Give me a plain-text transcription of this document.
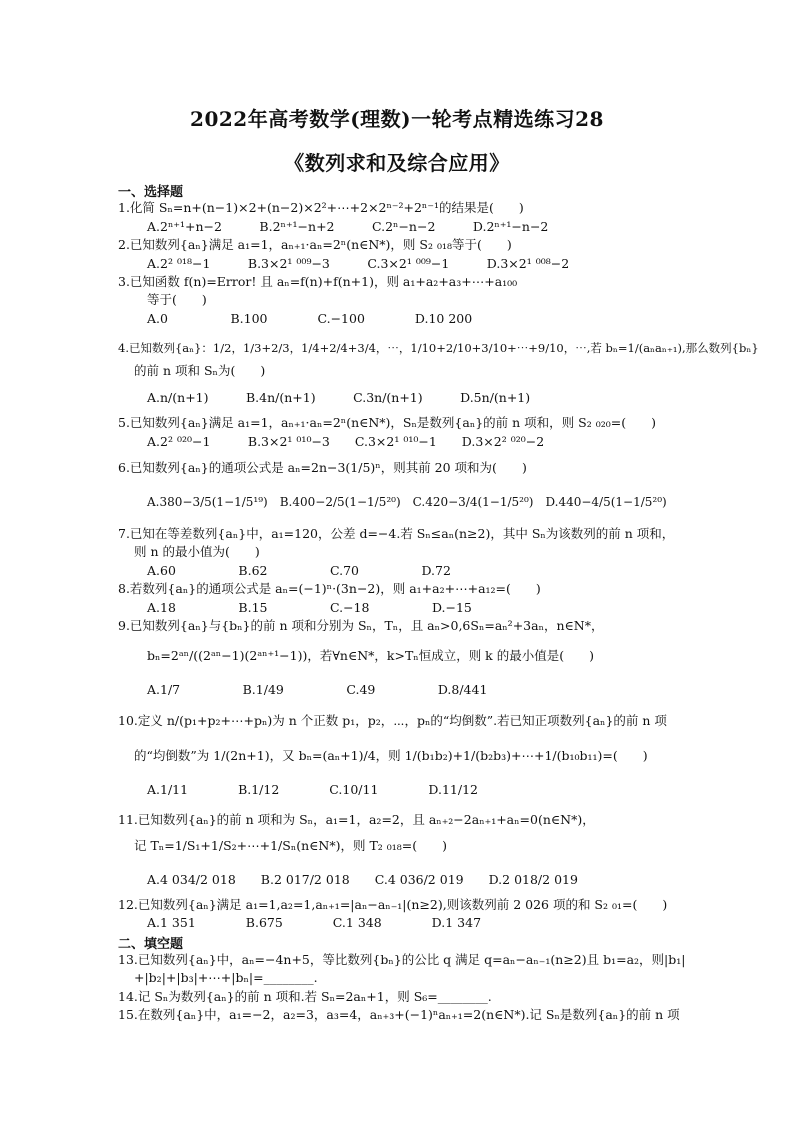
2022年高考数学(理数)一轮考点精选练习28
《数列求和及综合应用》
一、选择题
1.化简 Sₙ=n+(n−1)×2+(n−2)×2²+⋯+2×2ⁿ⁻²+2ⁿ⁻¹的结果是(　　)
A.2ⁿ⁺¹+n−2　　　B.2ⁿ⁺¹−n+2　　　C.2ⁿ−n−2　　　D.2ⁿ⁺¹−n−2
2.已知数列{aₙ}满足 a₁=1，aₙ₊₁·aₙ=2ⁿ(n∈N*)，则 S₂ ₀₁₈等于(　　)
A.2² ⁰¹⁸−1　　　B.3×2¹ ⁰⁰⁹−3　　　C.3×2¹ ⁰⁰⁹−1　　　D.3×2¹ ⁰⁰⁸−2
3.已知函数 f(n)=Error! 且 aₙ=f(n)+f(n+1)，则 a₁+a₂+a₃+⋯+a₁₀₀
等于(　　)
A.0　　　　　B.100　　　　C.−100　　　　D.10 200
4.已知数列{aₙ}：1/2，1/3+2/3，1/4+2/4+3/4，⋯，1/10+2/10+3/10+⋯+9/10，⋯,若 bₙ=1/(aₙaₙ₊₁),那么数列{bₙ}
的前 n 项和 Sₙ为(　　)
A.n/(n+1)　　　B.4n/(n+1)　　　C.3n/(n+1)　　　D.5n/(n+1)
5.已知数列{aₙ}满足 a₁=1，aₙ₊₁·aₙ=2ⁿ(n∈N*)，Sₙ是数列{aₙ}的前 n 项和，则 S₂ ₀₂₀=(　　)
A.2² ⁰²⁰−1　　　B.3×2¹ ⁰¹⁰−3　　C.3×2¹ ⁰¹⁰−1　　D.3×2² ⁰²⁰−2
6.已知数列{aₙ}的通项公式是 aₙ=2n−3(1/5)ⁿ，则其前 20 项和为(　　)
A.380−3/5(1−1/5¹⁹)　B.400−2/5(1−1/5²⁰)　C.420−3/4(1−1/5²⁰)　D.440−4/5(1−1/5²⁰)
7.已知在等差数列{aₙ}中，a₁=120，公差 d=−4.若 Sₙ≤aₙ(n≥2)，其中 Sₙ为该数列的前 n 项和，
则 n 的最小值为(　　)
A.60　　　　　B.62　　　　　C.70　　　　　D.72
8.若数列{aₙ}的通项公式是 aₙ=(−1)ⁿ·(3n−2)，则 a₁+a₂+⋯+a₁₂=(　　)
A.18　　　　　B.15　　　　　C.−18　　　　　D.−15
9.已知数列{aₙ}与{bₙ}的前 n 项和分别为 Sₙ，Tₙ，且 aₙ>0,6Sₙ=aₙ²+3aₙ，n∈N*，
bₙ=2ᵃⁿ/((2ᵃⁿ−1)(2ᵃⁿ⁺¹−1))，若∀n∈N*，k>Tₙ恒成立，则 k 的最小值是(　　)
A.1/7　　　　　B.1/49　　　　　C.49　　　　　D.8/441
10.定义 n/(p₁+p₂+⋯+pₙ)为 n 个正数 p₁，p₂，⋯，pₙ的“均倒数”.若已知正项数列{aₙ}的前 n 项
的“均倒数”为 1/(2n+1)，又 bₙ=(aₙ+1)/4，则 1/(b₁b₂)+1/(b₂b₃)+⋯+1/(b₁₀b₁₁)=(　　)
A.1/11　　　　B.1/12　　　　C.10/11　　　　D.11/12
11.已知数列{aₙ}的前 n 项和为 Sₙ，a₁=1，a₂=2，且 aₙ₊₂−2aₙ₊₁+aₙ=0(n∈N*)，
记 Tₙ=1/S₁+1/S₂+⋯+1/Sₙ(n∈N*)，则 T₂ ₀₁₈=(　　)
A.4 034/2 018　　B.2 017/2 018　　C.4 036/2 019　　D.2 018/2 019
12.已知数列{aₙ}满足 a₁=1,a₂=1,aₙ₊₁=|aₙ−aₙ₋₁|(n≥2),则该数列前 2 026 项的和 S₂ ₀₁=(　　)
A.1 351　　　　B.675　　　　C.1 348　　　　D.1 347
二、填空题
13.已知数列{aₙ}中，aₙ=−4n+5，等比数列{bₙ}的公比 q 满足 q=aₙ−aₙ₋₁(n≥2)且 b₁=a₂，则|b₁|
+|b₂|+|b₃|+⋯+|bₙ|=________.
14.记 Sₙ为数列{aₙ}的前 n 项和.若 Sₙ=2aₙ+1，则 S₆=________.
15.在数列{aₙ}中，a₁=−2，a₂=3，a₃=4，aₙ₊₃+(−1)ⁿaₙ₊₁=2(n∈N*).记 Sₙ是数列{aₙ}的前 n 项
